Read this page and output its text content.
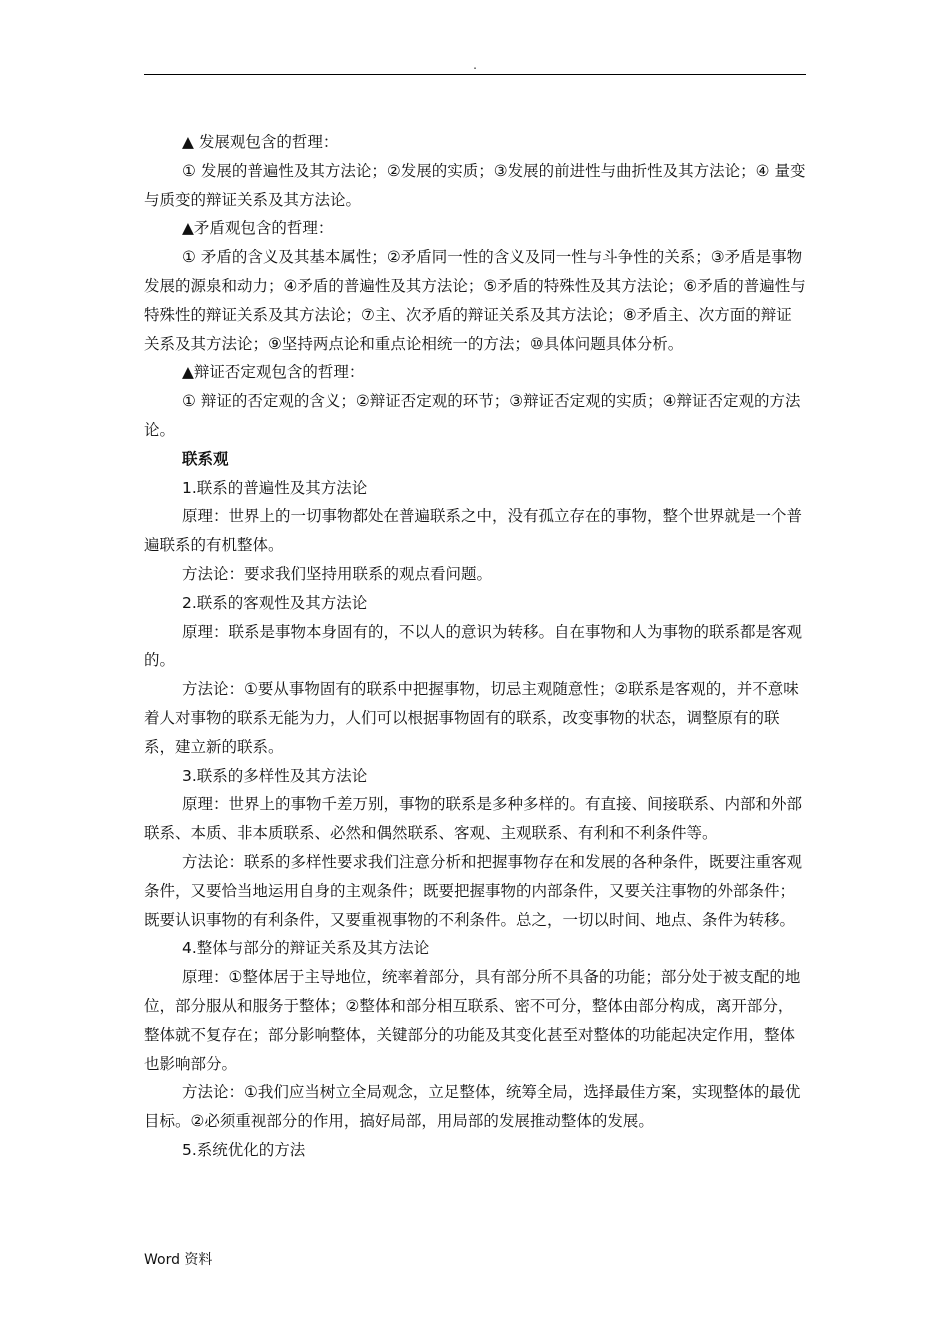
.

▲ 发展观包含的哲理：

① 发展的普遍性及其方法论；②发展的实质；③发展的前进性与曲折性及其方法论；④ 量变与质变的辩证关系及其方法论。

▲矛盾观包含的哲理：

① 矛盾的含义及其基本属性；②矛盾同一性的含义及同一性与斗争性的关系；③矛盾是事物发展的源泉和动力；④矛盾的普遍性及其方法论；⑤矛盾的特殊性及其方法论；⑥矛盾的普遍性与特殊性的辩证关系及其方法论；⑦主、次矛盾的辩证关系及其方法论；⑧矛盾主、次方面的辩证关系及其方法论；⑨坚持两点论和重点论相统一的方法；⑩具体问题具体分析。

▲辩证否定观包含的哲理：

① 辩证的否定观的含义；②辩证否定观的环节；③辩证否定观的实质；④辩证否定观的方法论。

联系观

1.联系的普遍性及其方法论

原理：世界上的一切事物都处在普遍联系之中，没有孤立存在的事物，整个世界就是一个普遍联系的有机整体。

方法论：要求我们坚持用联系的观点看问题。

2.联系的客观性及其方法论

原理：联系是事物本身固有的，不以人的意识为转移。自在事物和人为事物的联系都是客观的。

方法论：①要从事物固有的联系中把握事物，切忌主观随意性；②联系是客观的，并不意味着人对事物的联系无能为力，人们可以根据事物固有的联系，改变事物的状态，调整原有的联系，建立新的联系。

3.联系的多样性及其方法论

原理：世界上的事物千差万别，事物的联系是多种多样的。有直接、间接联系、内部和外部联系、本质、非本质联系、必然和偶然联系、客观、主观联系、有利和不利条件等。

方法论：联系的多样性要求我们注意分析和把握事物存在和发展的各种条件，既要注重客观条件，又要恰当地运用自身的主观条件；既要把握事物的内部条件，又要关注事物的外部条件；既要认识事物的有利条件，又要重视事物的不利条件。总之，一切以时间、地点、条件为转移。

4.整体与部分的辩证关系及其方法论

原理：①整体居于主导地位，统率着部分，具有部分所不具备的功能；部分处于被支配的地位，部分服从和服务于整体；②整体和部分相互联系、密不可分，整体由部分构成，离开部分，整体就不复存在；部分影响整体，关键部分的功能及其变化甚至对整体的功能起决定作用，整体也影响部分。

方法论：①我们应当树立全局观念，立足整体，统筹全局，选择最佳方案，实现整体的最优目标。②必须重视部分的作用，搞好局部，用局部的发展推动整体的发展。

5.系统优化的方法

Word 资料
